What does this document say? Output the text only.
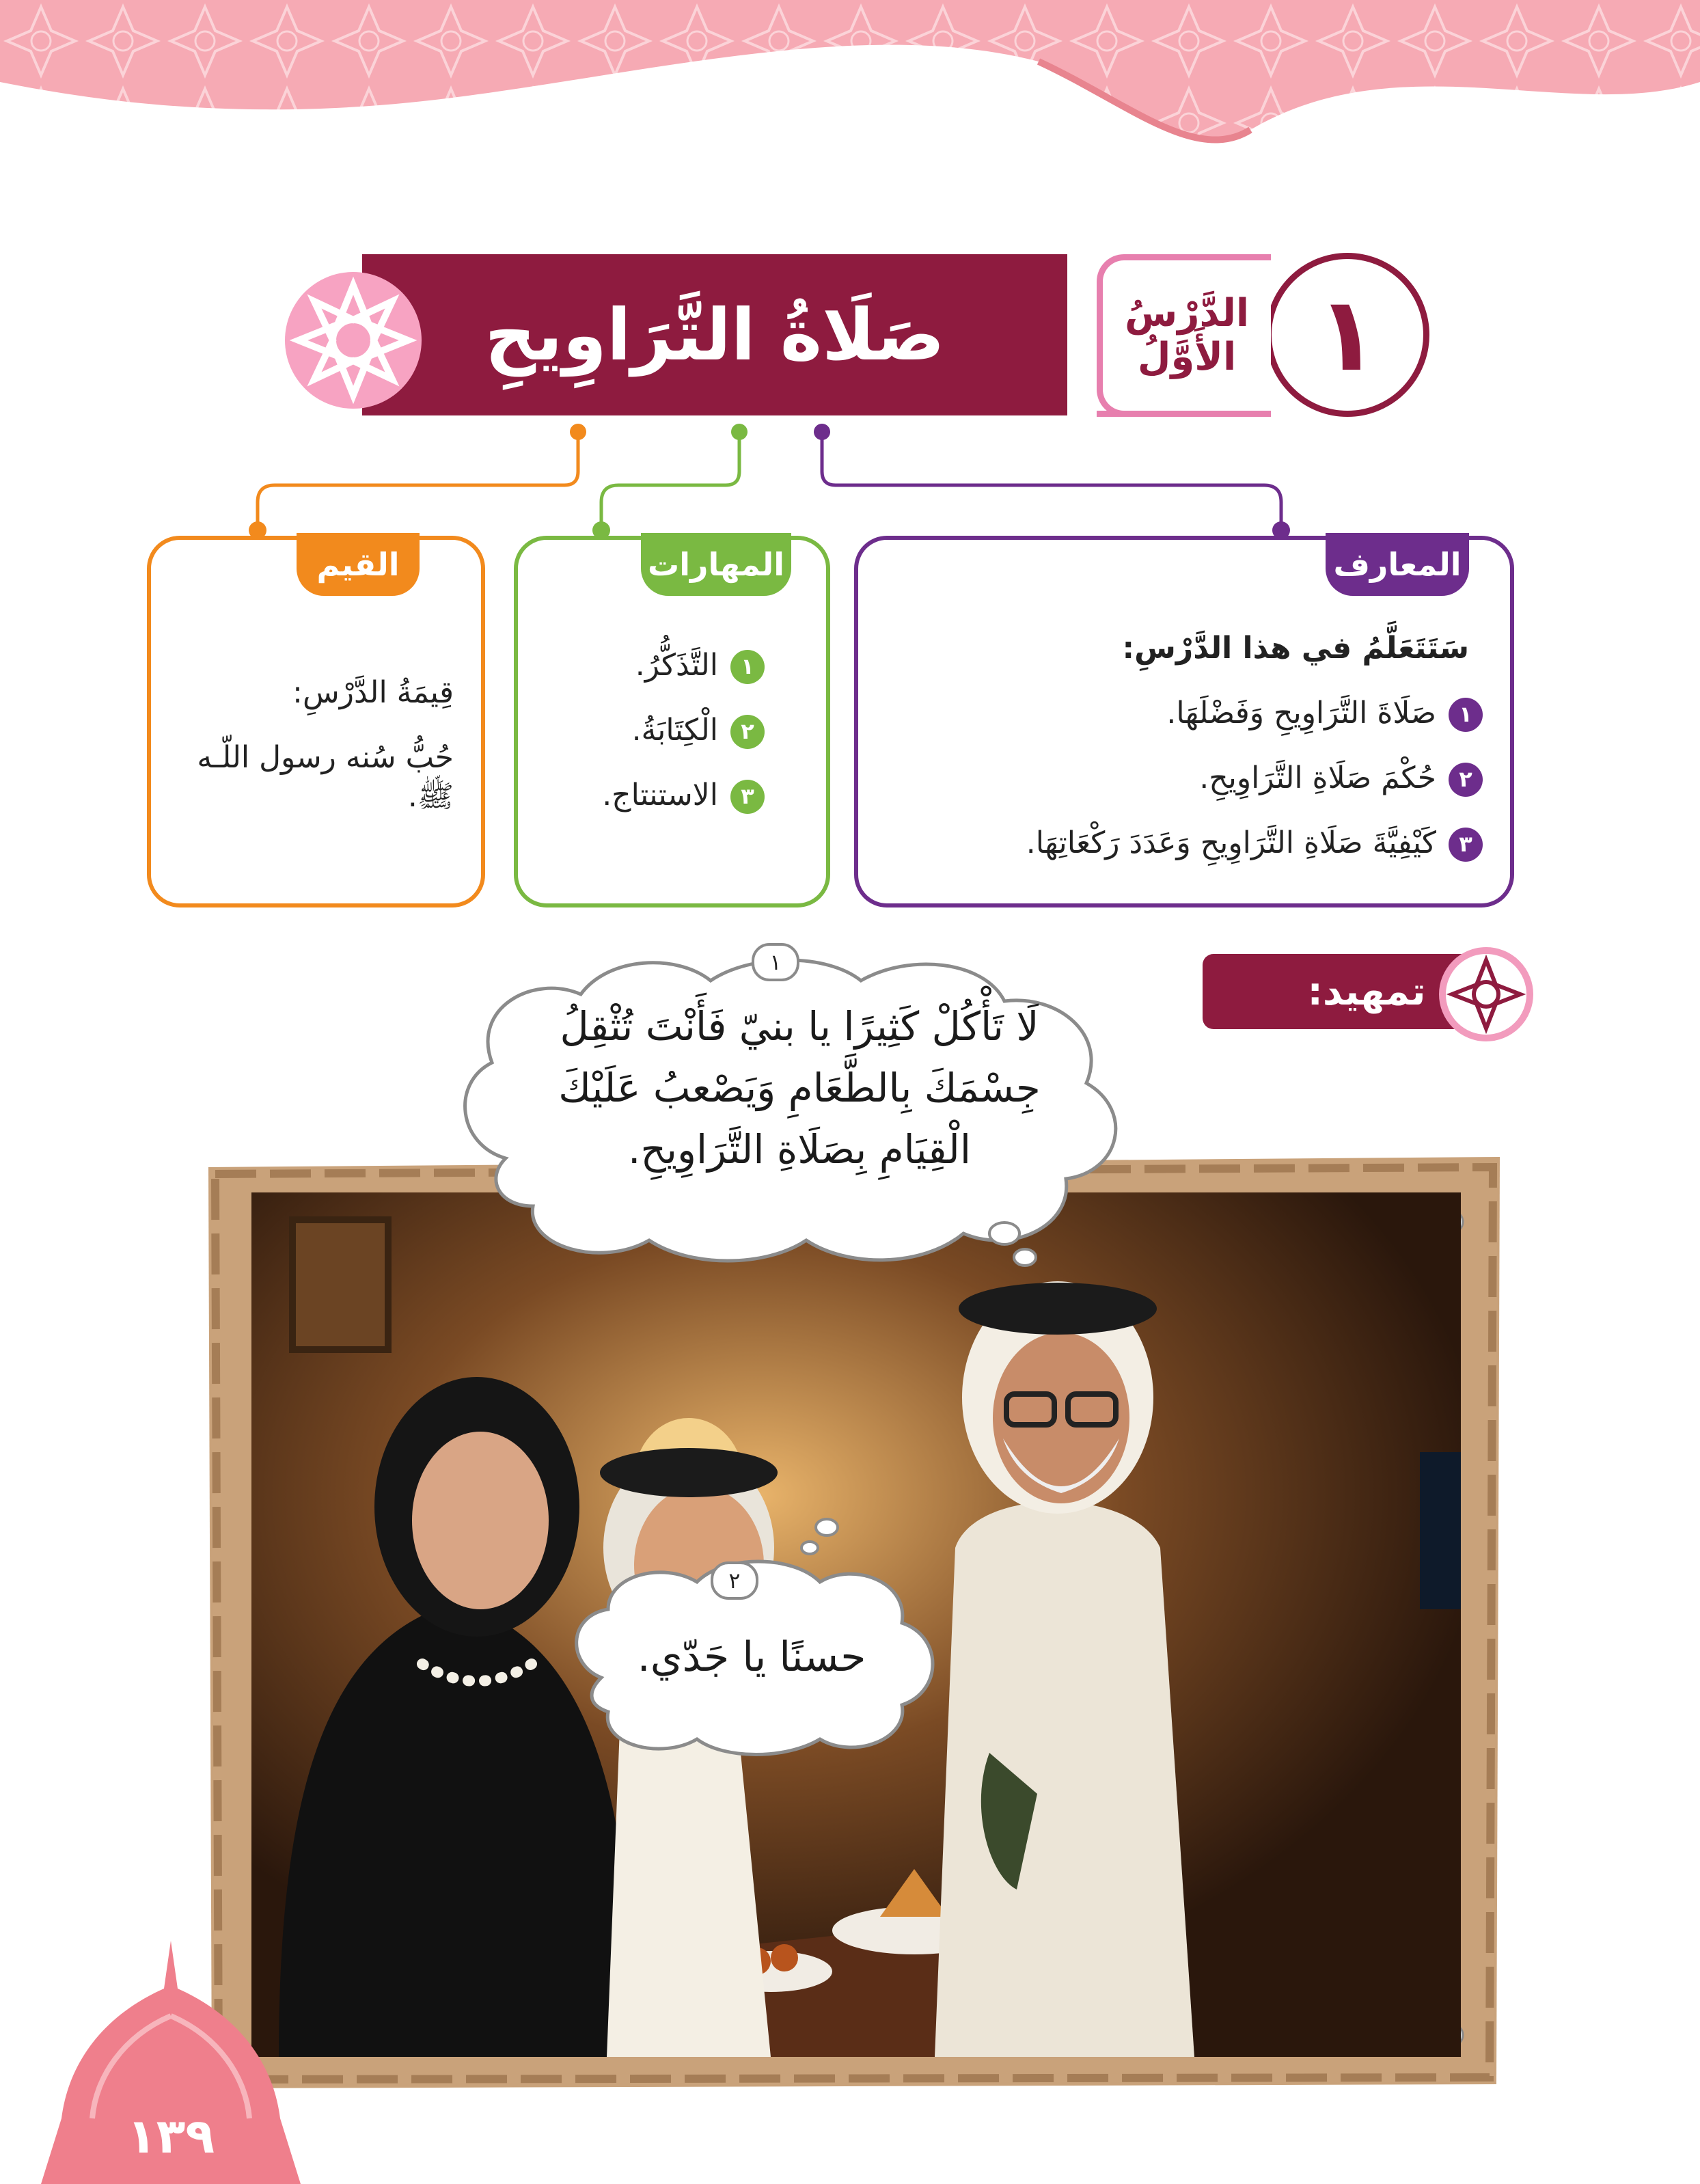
١
الدَّرْسُ
الأَوَّلُ
صَلَاةُ التَّرَاوِيحِ
المعارف
سَتَتَعَلَّمُ في هذا الدَّرْسِ:
١صَلَاةَ التَّرَاوِيحِ وَفَضْلَهَا.
٢حُكْمَ صَلَاةِ التَّرَاوِيحِ.
٣كَيْفِيَّةَ صَلَاةِ التَّرَاوِيحِ وَعَدَدَ رَكْعَاتِهَا.
المهارات
١التَّذَكُّرُ.
٢الْكِتَابَةُ.
٣الاستنتاج.
القيم
قِيمَةُ الدَّرْسِ:
حُبُّ سُنه رسول اللّـه ﷺ.
تمهيد:
١
لَا تَأْكُلْ كَثِيرًا يا بنيّ فَأَنْتَ تُثْقِلُ
جِسْمَكَ بِالطَّعَامِ وَيَصْعبُ عَلَيْكَ
الْقِيَامِ بِصَلَاةِ التَّرَاوِيحِ.
٢
حسنًا يا جَدّي.
١٣٩
